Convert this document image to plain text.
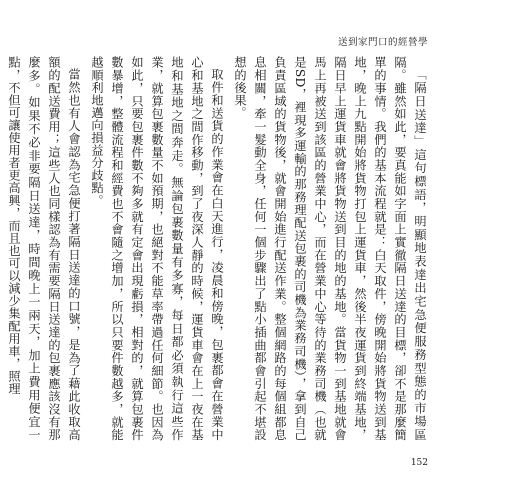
送到家門口的經營學

「隔日送達」這句標語，明顯地表達出宅急便服務型態的市場區隔。雖然如此，要真能如字面上實徹隔日送達的目標，卻不是那麼簡單的事情。我們的基本流程就是：白天取件，傍晚開始將貨物送到基地，晚上九點開始將貨物打包上運貨車，然後半夜運貨到終端基地，隔日早上運貨車就會將貨物送到目的地的基地。當貨物一到基地就會馬上再被送到該區的營業中心，而在營業中心等待的業務司機（也就是SD，裡現多運輸的那務理配送包裹的司機為業務司機），拿到自己負責區域的貨物後，就會開始進行配送作業。整個網路的每個組都息息相關，牽一髮動全身，任何一個步驟出了點小插曲都會引起不堪設想的後果。

取件和送貨的作業會在白天進行，凌晨和傍晚，包裹都會在營業中心和基地之間作移動，到了夜深人靜的時候，運貨車會在上一夜在基地和基地之間奔走。無論包裹數量有多寡，每日都必須執行這些作業，就算包裹數量不如預期，也絕對不能草率帶過任何細節。也因為如此，只要包裹件數不夠多就有定會出現虧損，相對的，就算包裹件數暴增，整體流程和經費也不會隨之增加，所以只要件數越多，就能越順利地邁向損益分歧點。

當然也有人會認為宅急便打著隔日送達的口號，是為了藉此收取高額的配送費用；這些人也同樣認為有需要隔日送達的包裹應該沒有那麼多。如果不必非要隔日送達，時間晚上一兩天，加上費用便宜一點，不但可讓使用者更高興，而且也可以減少集配用車，照理

152
